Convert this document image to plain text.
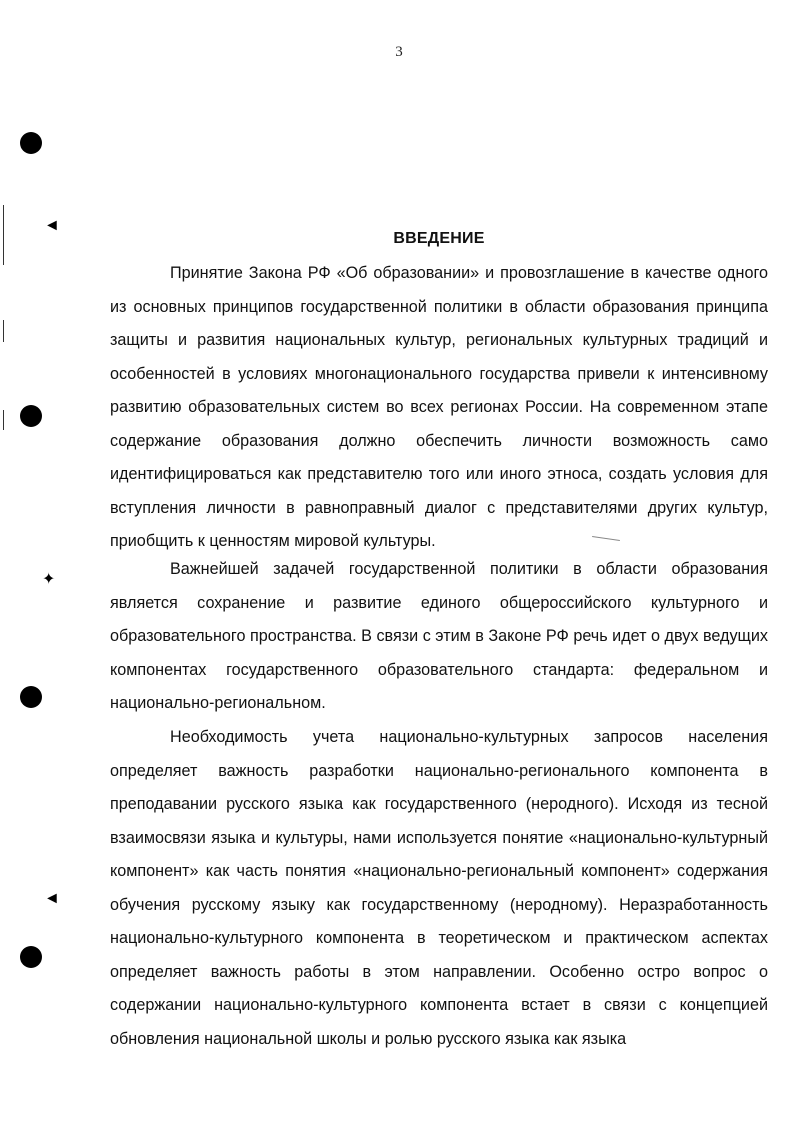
3
ВВЕДЕНИЕ

Принятие Закона РФ «Об образовании» и провозглашение в качестве одного из основных принципов государственной политики в области образования принципа защиты и развития национальных культур, региональных культурных традиций и особенностей в условиях многонационального государства привели к интенсивному развитию образовательных систем во всех регионах России. На современном этапе содержание образования должно обеспечить личности возможность само идентифицироваться как представителю того или иного этноса, создать условия для вступления личности в равноправный диалог с представителями других культур, приобщить к ценностям мировой культуры.

Важнейшей задачей государственной политики в области образования является сохранение и развитие единого общероссийского культурного и образовательного пространства. В связи с этим в Законе РФ речь идет о двух ведущих компонентах государственного образовательного стандарта: федеральном и национально-региональном.

Необходимость учета национально-культурных запросов населения определяет важность разработки национально-регионального компонента в преподавании русского языка как государственного (неродного). Исходя из тесной взаимосвязи языка и культуры, нами используется понятие «национально-культурный компонент» как часть понятия «национально-региональный компонент» содержания обучения русскому языку как государственному (неродному). Неразработанность национально-культурного компонента в теоретическом и практическом аспектах определяет важность работы в этом направлении. Особенно остро вопрос о содержании национально-культурного компонента встает в связи с концепцией обновления национальной школы и ролью русского языка как языка

◄
✦
◄
